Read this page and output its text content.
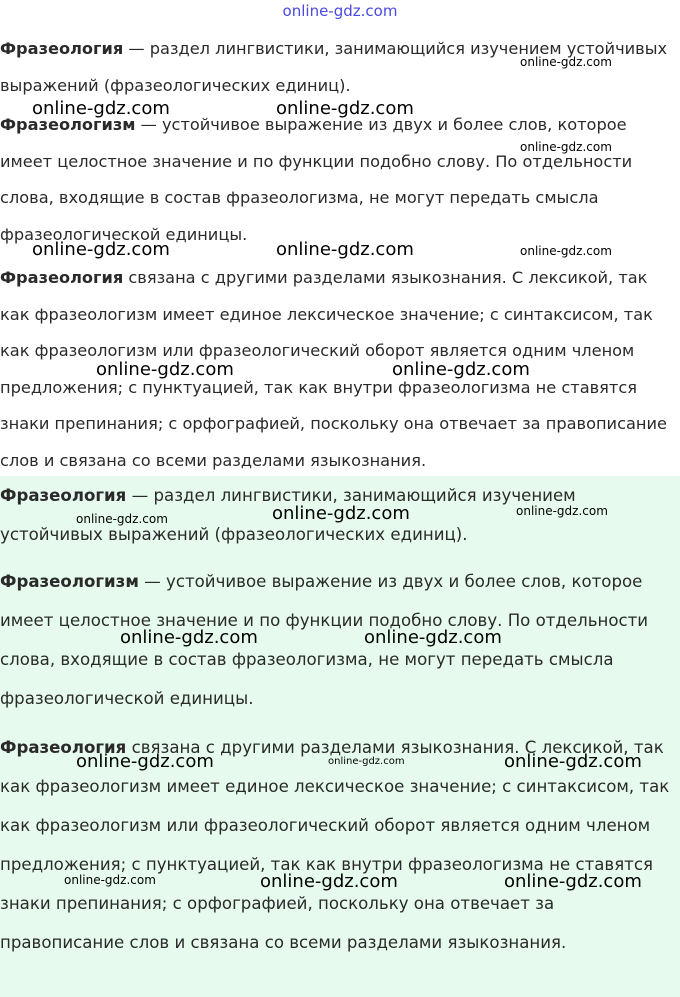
online-gdz.com

Фразеология — раздел лингвистики, занимающийся изучением устойчивых выражений (фразеологических единиц).

Фразеологизм — устойчивое выражение из двух и более слов, которое имеет целостное значение и по функции подобно слову. По отдельности слова, входящие в состав фразеологизма, не могут передать смысла фразеологической единицы.

Фразеология связана с другими разделами языкознания. С лексикой, так как фразеологизм имеет единое лексическое значение; с синтаксисом, так как фразеологизм или фразеологический оборот является одним членом предложения; с пунктуацией, так как внутри фразеологизма не ставятся знаки препинания; с орфографией, поскольку она отвечает за правописание слов и связана со всеми разделами языкознания.

Фразеология — раздел лингвистики, занимающийся изучением устойчивых выражений (фразеологических единиц).

Фразеологизм — устойчивое выражение из двух и более слов, которое имеет целостное значение и по функции подобно слову. По отдельности слова, входящие в состав фразеологизма, не могут передать смысла фразеологической единицы.

Фразеология связана с другими разделами языкознания. С лексикой, так как фразеологизм имеет единое лексическое значение; с синтаксисом, так как фразеологизм или фразеологический оборот является одним членом предложения; с пунктуацией, так как внутри фразеологизма не ставятся знаки препинания; с орфографией, поскольку она отвечает за правописание слов и связана со всеми разделами языкознания.

online-gdz.com
online-gdz.com	online-gdz.com
online-gdz.com
online-gdz.com	online-gdz.com	online-gdz.com
online-gdz.com	online-gdz.com
online-gdz.com	online-gdz.com	online-gdz.com
online-gdz.com	online-gdz.com
online-gdz.com	online-gdz.com	online-gdz.com
online-gdz.com	online-gdz.com	online-gdz.com
